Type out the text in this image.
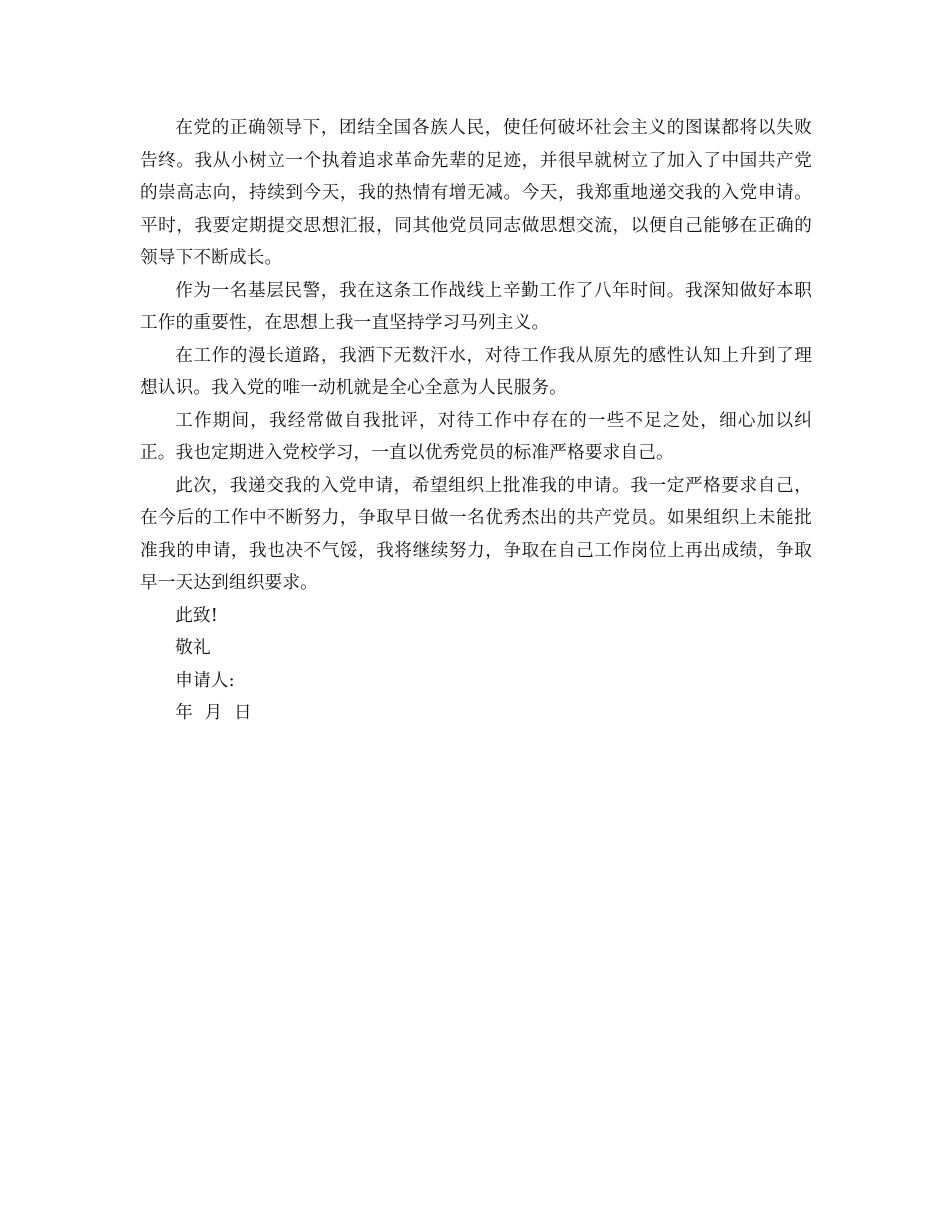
在党的正确领导下，团结全国各族人民，使任何破坏社会主义的图谋都将以失败告终。我从小树立一个执着追求革命先辈的足迹，并很早就树立了加入了中国共产党的崇高志向，持续到今天，我的热情有增无减。今天，我郑重地递交我的入党申请。平时，我要定期提交思想汇报，同其他党员同志做思想交流，以便自己能够在正确的领导下不断成长。

作为一名基层民警，我在这条工作战线上辛勤工作了八年时间。我深知做好本职工作的重要性，在思想上我一直坚持学习马列主义。

在工作的漫长道路，我洒下无数汗水，对待工作我从原先的感性认知上升到了理想认识。我入党的唯一动机就是全心全意为人民服务。

工作期间，我经常做自我批评，对待工作中存在的一些不足之处，细心加以纠正。我也定期进入党校学习，一直以优秀党员的标准严格要求自己。

此次，我递交我的入党申请，希望组织上批准我的申请。我一定严格要求自己，在今后的工作中不断努力，争取早日做一名优秀杰出的共产党员。如果组织上未能批准我的申请，我也决不气馁，我将继续努力，争取在自己工作岗位上再出成绩，争取早一天达到组织要求。

此致!

敬礼

申请人:

年  月  日
